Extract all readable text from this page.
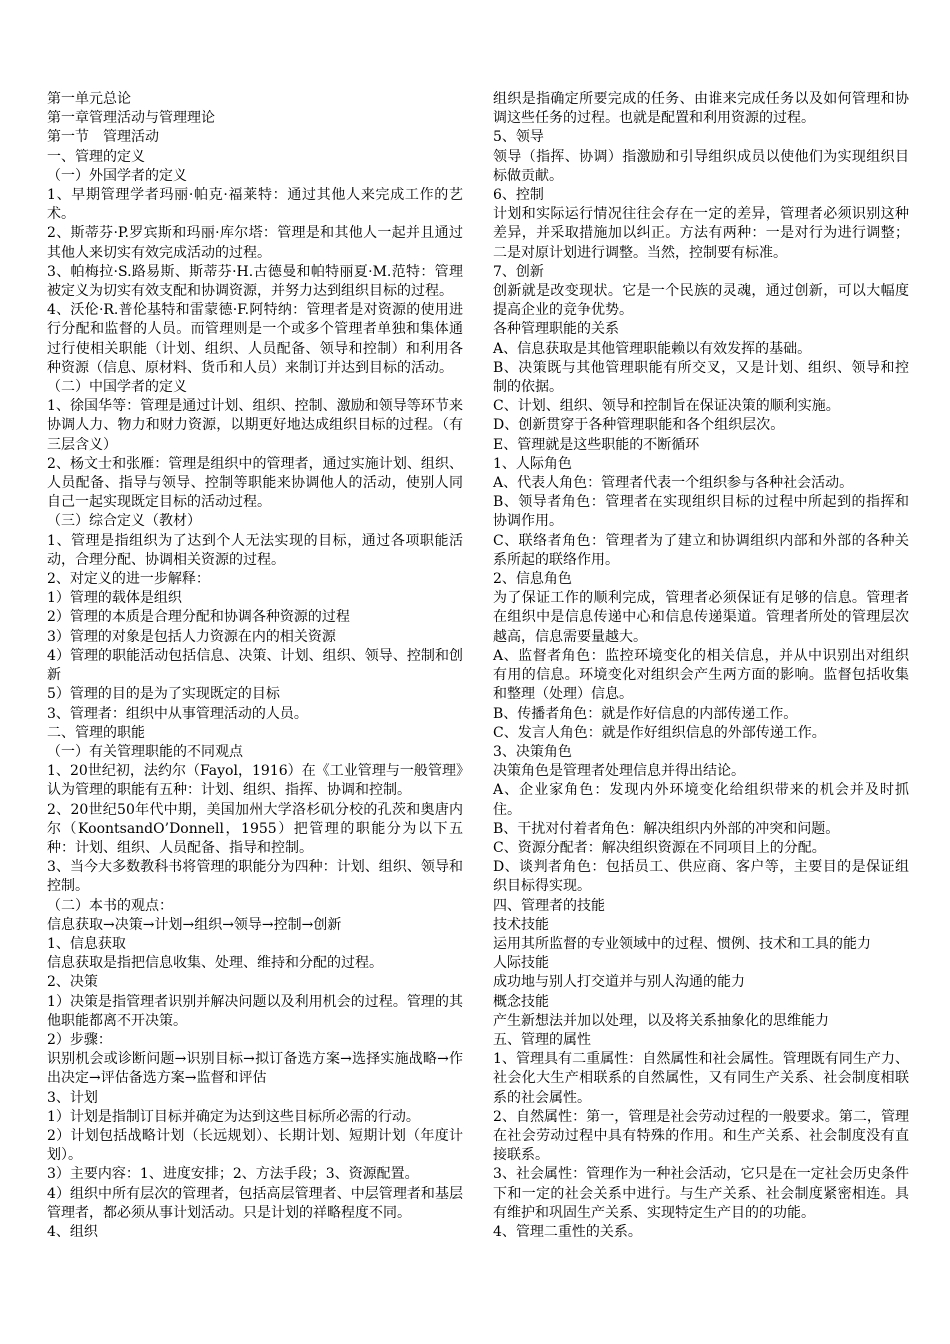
第一单元总论

第一章管理活动与管理理论

第一节　管理活动

一、管理的定义

（一）外国学者的定义

1、早期管理学者玛丽·帕克·福莱特：通过其他人来完成工作的艺术。

2、斯蒂芬·P.罗宾斯和玛丽·库尔塔：管理是和其他人一起并且通过其他人来切实有效完成活动的过程。

3、帕梅拉·S.路易斯、斯蒂芬·H.古德曼和帕特丽夏·M.范特：管理被定义为切实有效支配和协调资源，并努力达到组织目标的过程。

4、沃伦·R.普伦基特和雷蒙德·F.阿特纳：管理者是对资源的使用进行分配和监督的人员。而管理则是一个或多个管理者单独和集体通过行使相关职能（计划、组织、人员配备、领导和控制）和利用各种资源（信息、原材料、货币和人员）来制订并达到目标的活动。

（二）中国学者的定义

1、徐国华等：管理是通过计划、组织、控制、激励和领导等环节来协调人力、物力和财力资源，以期更好地达成组织目标的过程。（有三层含义）

2、杨文士和张雁：管理是组织中的管理者，通过实施计划、组织、人员配备、指导与领导、控制等职能来协调他人的活动，使别人同自己一起实现既定目标的活动过程。

（三）综合定义（教材）

1、管理是指组织为了达到个人无法实现的目标，通过各项职能活动，合理分配、协调相关资源的过程。

2、对定义的进一步解释：

1）管理的载体是组织

2）管理的本质是合理分配和协调各种资源的过程

3）管理的对象是包括人力资源在内的相关资源

4）管理的职能活动包括信息、决策、计划、组织、领导、控制和创新

5）管理的目的是为了实现既定的目标

3、管理者：组织中从事管理活动的人员。

二、管理的职能

（一）有关管理职能的不同观点

1、20世纪初，法约尔（Fayol，1916）在《工业管理与一般管理》认为管理的职能有五种：计划、组织、指挥、协调和控制。

2、20世纪50年代中期，美国加州大学洛杉矶分校的孔茨和奥唐内尔（KoontsandO’Donnell，1955）把管理的职能分为以下五种：计划、组织、人员配备、指导和控制。

3、当今大多数教科书将管理的职能分为四种：计划、组织、领导和控制。

（二）本书的观点：

信息获取→决策→计划→组织→领导→控制→创新

1、信息获取

信息获取是指把信息收集、处理、维持和分配的过程。

2、决策

1）决策是指管理者识别并解决问题以及利用机会的过程。管理的其他职能都离不开决策。

2）步骤：

识别机会或诊断问题→识别目标→拟订备选方案→选择实施战略→作出决定→评估备选方案→监督和评估

3、计划

1）计划是指制订目标并确定为达到这些目标所必需的行动。

2）计划包括战略计划（长远规划）、长期计划、短期计划（年度计划）。

3）主要内容：1、进度安排；2、方法手段；3、资源配置。

4）组织中所有层次的管理者，包括高层管理者、中层管理者和基层管理者，都必须从事计划活动。只是计划的祥略程度不同。

4、组织

组织是指确定所要完成的任务、由谁来完成任务以及如何管理和协调这些任务的过程。也就是配置和利用资源的过程。

5、领导

领导（指挥、协调）指激励和引导组织成员以使他们为实现组织目标做贡献。

6、控制

计划和实际运行情况往往会存在一定的差异，管理者必须识别这种差异，并采取措施加以纠正。方法有两种：一是对行为进行调整；二是对原计划进行调整。当然，控制要有标准。

7、创新

创新就是改变现状。它是一个民族的灵魂，通过创新，可以大幅度提高企业的竞争优势。

各种管理职能的关系

A、信息获取是其他管理职能赖以有效发挥的基础。

B、决策既与其他管理职能有所交叉，又是计划、组织、领导和控制的依据。

C、计划、组织、领导和控制旨在保证决策的顺利实施。

D、创新贯穿于各种管理职能和各个组织层次。

E、管理就是这些职能的不断循环

1、人际角色

A、代表人角色：管理者代表一个组织参与各种社会活动。

B、领导者角色：管理者在实现组织目标的过程中所起到的指挥和协调作用。

C、联络者角色：管理者为了建立和协调组织内部和外部的各种关系所起的联络作用。

2、信息角色

为了保证工作的顺利完成，管理者必须保证有足够的信息。管理者在组织中是信息传递中心和信息传递渠道。管理者所处的管理层次越高，信息需要量越大。

A、监督者角色：监控环境变化的相关信息，并从中识别出对组织有用的信息。环境变化对组织会产生两方面的影响。监督包括收集和整理（处理）信息。

B、传播者角色：就是作好信息的内部传递工作。

C、发言人角色：就是作好组织信息的外部传递工作。

3、决策角色

决策角色是管理者处理信息并得出结论。

A、企业家角色：发现内外环境变化给组织带来的机会并及时抓住。

B、干扰对付着者角色：解决组织内外部的冲突和问题。

C、资源分配者：解决组织资源在不同项目上的分配。

D、谈判者角色：包括员工、供应商、客户等，主要目的是保证组织目标得实现。

四、管理者的技能

技术技能

运用其所监督的专业领域中的过程、惯例、技术和工具的能力

人际技能

成功地与别人打交道并与别人沟通的能力

概念技能

产生新想法并加以处理，以及将关系抽象化的思维能力

五、管理的属性

1、管理具有二重属性：自然属性和社会属性。管理既有同生产力、社会化大生产相联系的自然属性，又有同生产关系、社会制度相联系的社会属性。

2、自然属性：第一，管理是社会劳动过程的一般要求。第二，管理在社会劳动过程中具有特殊的作用。和生产关系、社会制度没有直接联系。

3、社会属性：管理作为一种社会活动，它只是在一定社会历史条件下和一定的社会关系中进行。与生产关系、社会制度紧密相连。具有维护和巩固生产关系、实现特定生产目的的功能。

4、管理二重性的关系。
